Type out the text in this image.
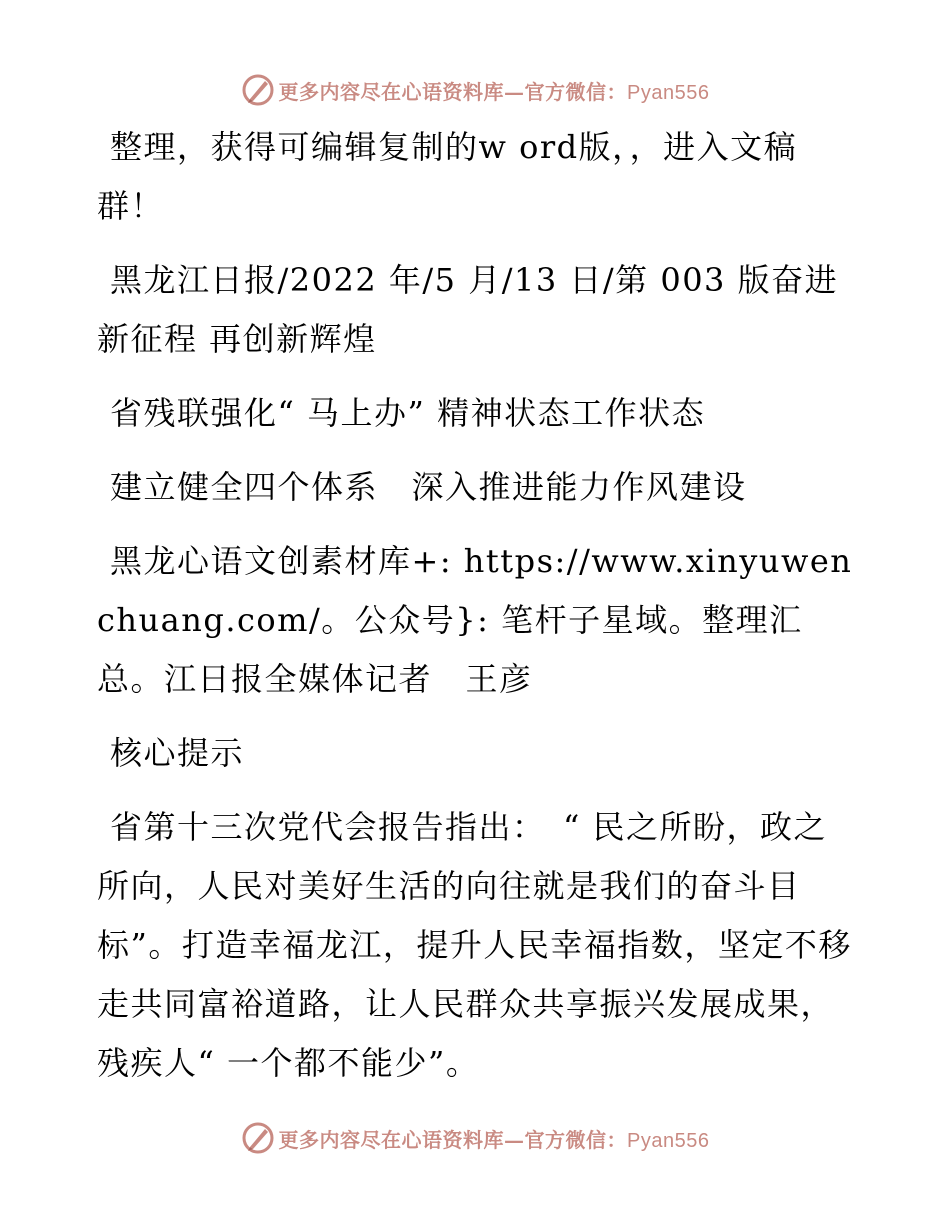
更多内容尽在心语资料库—官方微信：Pyan556

整理，获得可编辑复制的w ord版，，进入文稿群！

黑龙江日报/2022 年/5 月/13 日/第 003 版奋进新征程 再创新辉煌

省残联强化“ 马上办” 精神状态工作状态

建立健全四个体系　深入推进能力作风建设

黑龙心语文创素材库+: https://www.xinyuwenchuang.com/。公众号}: 笔杆子星域。整理汇总。江日报全媒体记者　王彦

核心提示

省第十三次党代会报告指出：　“ 民之所盼，政之所向，人民对美好生活的向往就是我们的奋斗目标”。打造幸福龙江，提升人民幸福指数，坚定不移走共同富裕道路，让人民群众共享振兴发展成果，残疾人“ 一个都不能少”。

更多内容尽在心语资料库—官方微信：Pyan556
